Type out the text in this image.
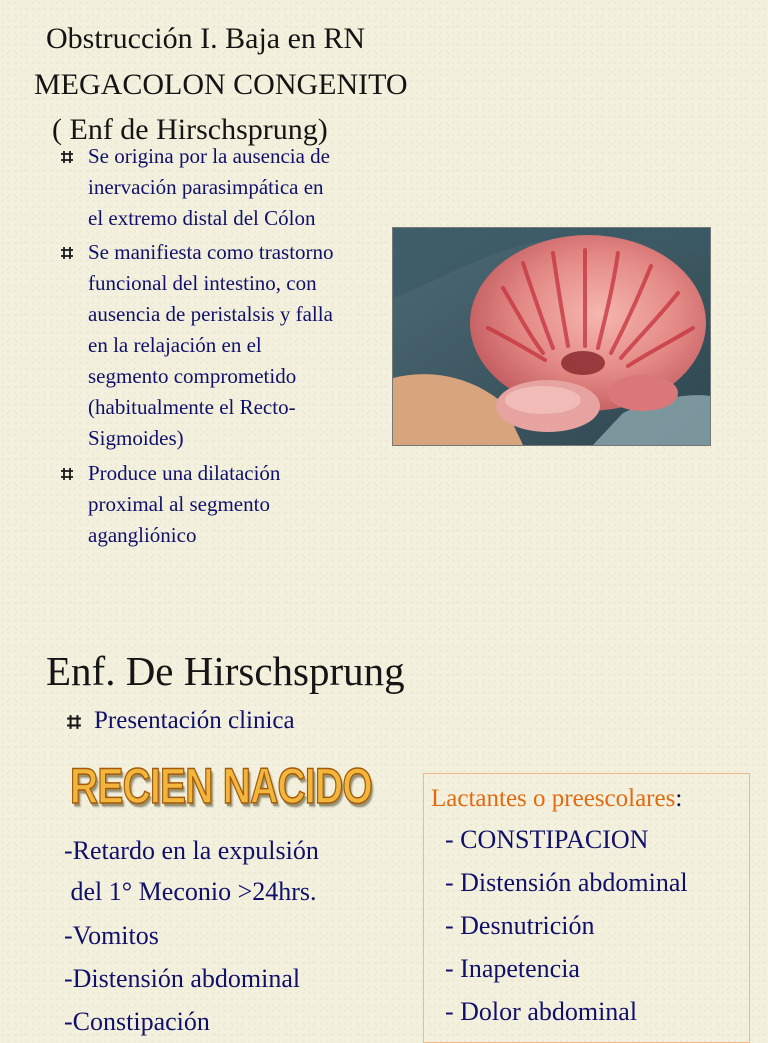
Obstrucción I. Baja en RN
MEGACOLON CONGENITO
( Enf de Hirschsprung)
Se origina por la ausencia de
inervación parasimpática en
el extremo distal del Cólon
Se manifiesta como trastorno
funcional del intestino, con
ausencia de peristalsis y falla
en la relajación en el
segmento comprometido
(habitualmente el Recto-
Sigmoides)
Produce una dilatación
proximal al segmento
agangliónico
Enf. De Hirschsprung
Presentación clinica
RECIEN NACIDO
-Retardo en la expulsión
del 1° Meconio >24hrs.
-Vomitos
-Distensión abdominal
-Constipación
Lactantes o preescolares:
- CONSTIPACION
- Distensión abdominal
- Desnutrición
- Inapetencia
- Dolor abdominal
